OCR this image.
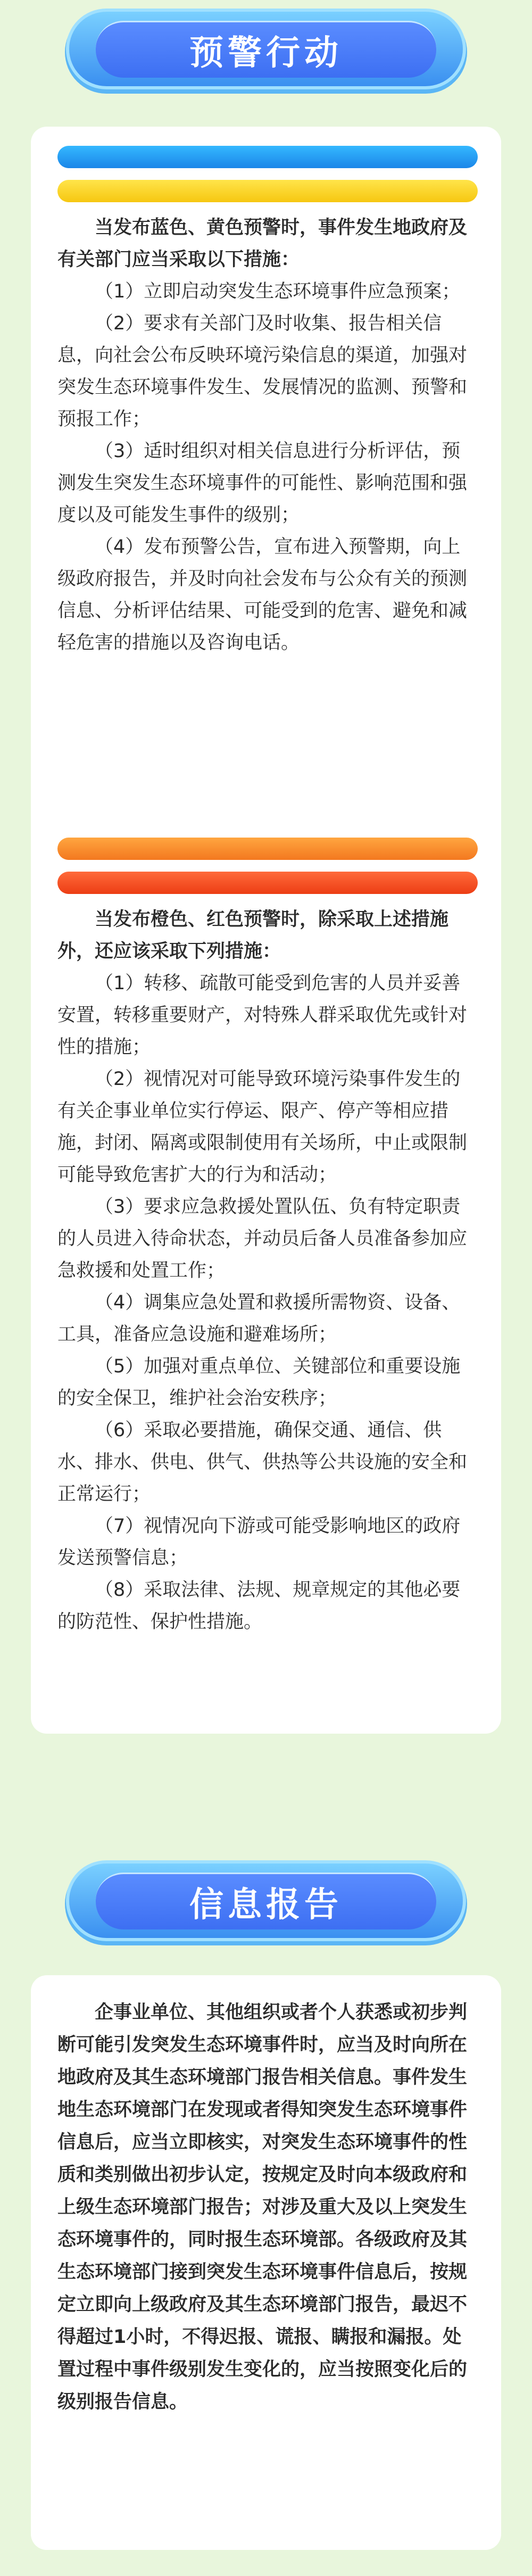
预警行动

当发布蓝色、黄色预警时，事件发生地政府及有关部门应当采取以下措施：

（1）立即启动突发生态环境事件应急预案；

（2）要求有关部门及时收集、报告相关信息，向社会公布反映环境污染信息的渠道，加强对突发生态环境事件发生、发展情况的监测、预警和预报工作；

（3）适时组织对相关信息进行分析评估，预测发生突发生态环境事件的可能性、影响范围和强度以及可能发生事件的级别；

（4）发布预警公告，宣布进入预警期，向上级政府报告，并及时向社会发布与公众有关的预测信息、分析评估结果、可能受到的危害、避免和减轻危害的措施以及咨询电话。

当发布橙色、红色预警时，除采取上述措施外，还应该采取下列措施：

（1）转移、疏散可能受到危害的人员并妥善安置，转移重要财产，对特殊人群采取优先或针对性的措施；

（2）视情况对可能导致环境污染事件发生的有关企事业单位实行停运、限产、停产等相应措施，封闭、隔离或限制使用有关场所，中止或限制可能导致危害扩大的行为和活动；

（3）要求应急救援处置队伍、负有特定职责的人员进入待命状态，并动员后备人员准备参加应急救援和处置工作；

（4）调集应急处置和救援所需物资、设备、工具，准备应急设施和避难场所；

（5）加强对重点单位、关键部位和重要设施的安全保卫，维护社会治安秩序；

（6）采取必要措施，确保交通、通信、供水、排水、供电、供气、供热等公共设施的安全和正常运行；

（7）视情况向下游或可能受影响地区的政府发送预警信息；

（8）采取法律、法规、规章规定的其他必要的防范性、保护性措施。

信息报告

企事业单位、其他组织或者个人获悉或初步判断可能引发突发生态环境事件时，应当及时向所在地政府及其生态环境部门报告相关信息。事件发生地生态环境部门在发现或者得知突发生态环境事件信息后，应当立即核实，对突发生态环境事件的性质和类别做出初步认定，按规定及时向本级政府和上级生态环境部门报告；对涉及重大及以上突发生态环境事件的，同时报生态环境部。各级政府及其生态环境部门接到突发生态环境事件信息后，按规定立即向上级政府及其生态环境部门报告，最迟不得超过1小时，不得迟报、谎报、瞒报和漏报。处置过程中事件级别发生变化的，应当按照变化后的级别报告信息。
